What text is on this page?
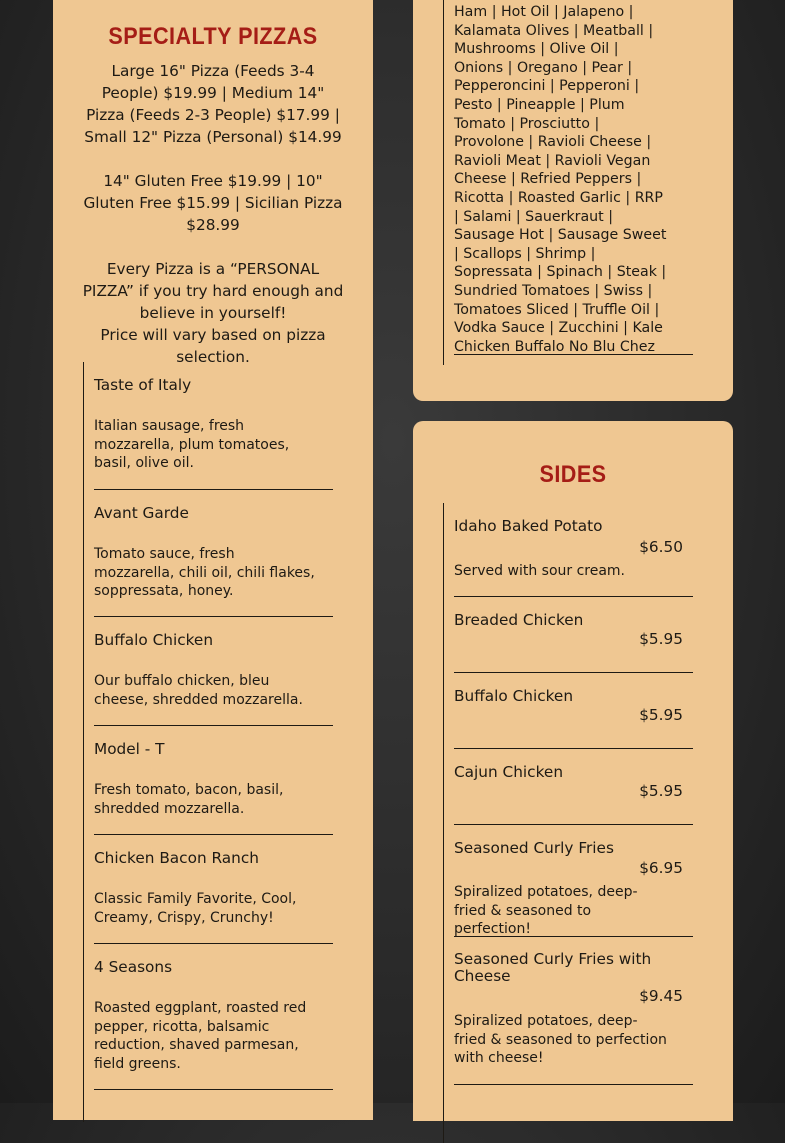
SPECIALTY PIZZAS

Large 16" Pizza (Feeds 3-4 People) $19.99 | Medium 14" Pizza (Feeds 2-3 People) $17.99 | Small 12" Pizza (Personal) $14.99

14" Gluten Free $19.99 | 10" Gluten Free $15.99 | Sicilian Pizza $28.99

Every Pizza is a “PERSONAL PIZZA” if you try hard enough and believe in yourself!

Price will vary based on pizza selection.

Taste of Italy
Italian sausage, fresh mozzarella, plum tomatoes, basil, olive oil.
Avant Garde
Tomato sauce, fresh mozzarella, chili oil, chili flakes, soppressata, honey.
Buffalo Chicken
Our buffalo chicken, bleu cheese, shredded mozzarella.
Model - T
Fresh tomato, bacon, basil, shredded mozzarella.
Chicken Bacon Ranch
Classic Family Favorite, Cool, Creamy, Crispy, Crunchy!
4 Seasons
Roasted eggplant, roasted red pepper, ricotta, balsamic reduction, shaved parmesan, field greens.
Ham | Hot Oil | Jalapeno | Kalamata Olives | Meatball | Mushrooms | Olive Oil | Onions | Oregano | Pear | Pepperoncini | Pepperoni | Pesto | Pineapple | Plum Tomato | Prosciutto | Provolone | Ravioli Cheese | Ravioli Meat | Ravioli Vegan Cheese | Refried Peppers | Ricotta | Roasted Garlic | RRP | Salami | Sauerkraut | Sausage Hot | Sausage Sweet | Scallops | Shrimp | Sopressata | Spinach | Steak | Sundried Tomatoes | Swiss | Tomatoes Sliced | Truffle Oil | Vodka Sauce | Zucchini | Kale Chicken Buffalo No Blu Chez
SIDES
Idaho Baked Potato
$6.50
Served with sour cream.
Breaded Chicken
$5.95
Buffalo Chicken
$5.95
Cajun Chicken
$5.95
Seasoned Curly Fries
$6.95
Spiralized potatoes, deep-fried & seasoned to perfection!
Seasoned Curly Fries with Cheese
$9.45
Spiralized potatoes, deep-fried & seasoned to perfection with cheese!
